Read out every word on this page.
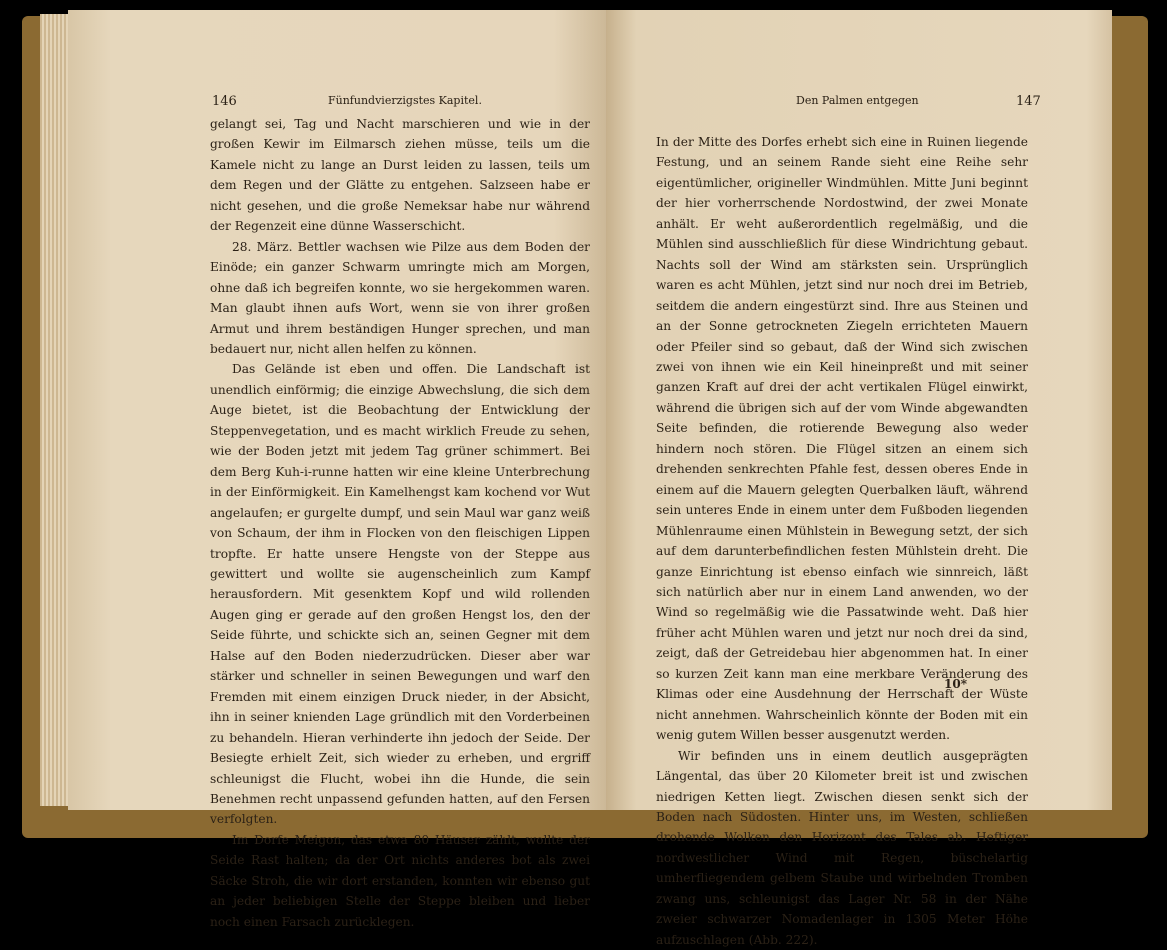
146	Fünfundvierzigstes Kapitel.

gelangt sei, Tag und Nacht marschieren und wie in der großen Kewir im Eilmarsch ziehen müsse, teils um die Kamele nicht zu lange an Durst leiden zu lassen, teils um dem Regen und der Glätte zu entgehen. Salzseen habe er nicht gesehen, und die große Nemeksar habe nur während der Regenzeit eine dünne Wasserschicht.

28. März. Bettler wachsen wie Pilze aus dem Boden der Einöde; ein ganzer Schwarm umringte mich am Morgen, ohne daß ich begreifen konnte, wo sie hergekommen waren. Man glaubt ihnen aufs Wort, wenn sie von ihrer großen Armut und ihrem beständigen Hunger sprechen, und man bedauert nur, nicht allen helfen zu können.

Das Gelände ist eben und offen. Die Landschaft ist unendlich einförmig; die einzige Abwechslung, die sich dem Auge bietet, ist die Beobachtung der Entwicklung der Steppenvegetation, und es macht wirklich Freude zu sehen, wie der Boden jetzt mit jedem Tag grüner schimmert. Bei dem Berg Kuh-i-runne hatten wir eine kleine Unterbrechung in der Einförmigkeit. Ein Kamelhengst kam kochend vor Wut angelaufen; er gurgelte dumpf, und sein Maul war ganz weiß von Schaum, der ihm in Flocken von den fleischigen Lippen tropfte. Er hatte unsere Hengste von der Steppe aus gewittert und wollte sie augenscheinlich zum Kampf herausfordern. Mit gesenktem Kopf und wild rollenden Augen ging er gerade auf den großen Hengst los, den der Seide führte, und schickte sich an, seinen Gegner mit dem Halse auf den Boden niederzudrücken. Dieser aber war stärker und schneller in seinen Bewegungen und warf den Fremden mit einem einzigen Druck nieder, in der Absicht, ihn in seiner knienden Lage gründlich mit den Vorderbeinen zu behandeln. Hieran verhinderte ihn jedoch der Seide. Der Besiegte erhielt Zeit, sich wieder zu erheben, und ergriff schleunigst die Flucht, wobei ihn die Hunde, die sein Benehmen recht unpassend gefunden hatten, auf den Fersen verfolgten.

Im Dorfe Meigon, das etwa 80 Häuser zählt, wollte der Seide Rast halten; da der Ort nichts anderes bot als zwei Säcke Stroh, die wir dort erstanden, konnten wir ebenso gut an jeder beliebigen Stelle der Steppe bleiben und lieber noch einen Farsach zurücklegen.

Den Palmen entgegen	147

In der Mitte des Dorfes erhebt sich eine in Ruinen liegende Festung, und an seinem Rande sieht eine Reihe sehr eigentümlicher, origineller Windmühlen. Mitte Juni beginnt der hier vorherrschende Nordostwind, der zwei Monate anhält. Er weht außerordentlich regelmäßig, und die Mühlen sind ausschließlich für diese Windrichtung gebaut. Nachts soll der Wind am stärksten sein. Ursprünglich waren es acht Mühlen, jetzt sind nur noch drei im Betrieb, seitdem die andern eingestürzt sind. Ihre aus Steinen und an der Sonne getrockneten Ziegeln errichteten Mauern oder Pfeiler sind so gebaut, daß der Wind sich zwischen zwei von ihnen wie ein Keil hineinpreßt und mit seiner ganzen Kraft auf drei der acht vertikalen Flügel einwirkt, während die übrigen sich auf der vom Winde abgewandten Seite befinden, die rotierende Bewegung also weder hindern noch stören. Die Flügel sitzen an einem sich drehenden senkrechten Pfahle fest, dessen oberes Ende in einem auf die Mauern gelegten Querbalken läuft, während sein unteres Ende in einem unter dem Fußboden liegenden Mühlenraume einen Mühlstein in Bewegung setzt, der sich auf dem darunterbefindlichen festen Mühlstein dreht. Die ganze Einrichtung ist ebenso einfach wie sinnreich, läßt sich natürlich aber nur in einem Land anwenden, wo der Wind so regelmäßig wie die Passatwinde weht. Daß hier früher acht Mühlen waren und jetzt nur noch drei da sind, zeigt, daß der Getreidebau hier abgenommen hat. In einer so kurzen Zeit kann man eine merkbare Veränderung des Klimas oder eine Ausdehnung der Herrschaft der Wüste nicht annehmen. Wahrscheinlich könnte der Boden mit ein wenig gutem Willen besser ausgenutzt werden.

Wir befinden uns in einem deutlich ausgeprägten Längental, das über 20 Kilometer breit ist und zwischen niedrigen Ketten liegt. Zwischen diesen senkt sich der Boden nach Südosten. Hinter uns, im Westen, schließen drohende Wolken den Horizont des Tales ab. Heftiger nordwestlicher Wind mit Regen, büschelartig umherfliegendem gelbem Staube und wirbelnden Tromben zwang uns, schleunigst das Lager Nr. 58 in der Nähe zweier schwarzer Nomadenlager in 1305 Meter Höhe aufzuschlagen (Abb. 222).

10*
